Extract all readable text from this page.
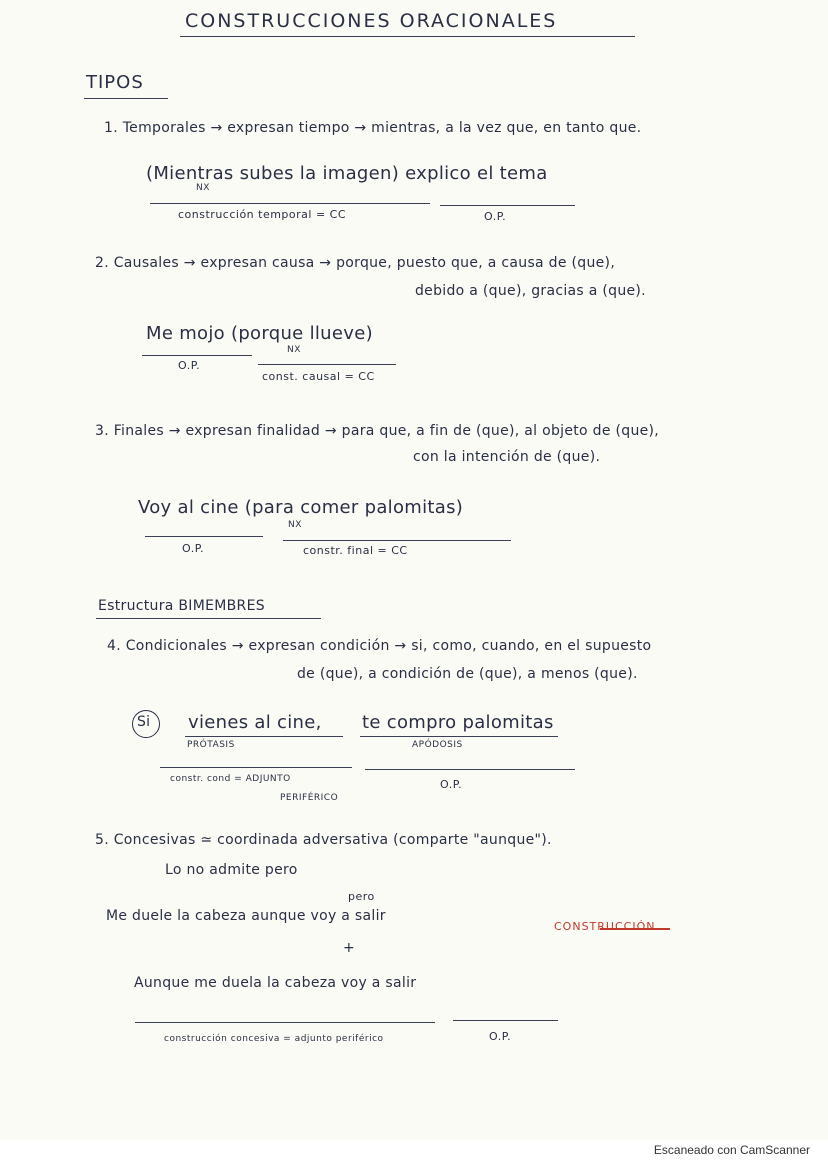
CONSTRUCCIONES ORACIONALES
TIPOS
1. Temporales → expresan tiempo → mientras, a la vez que, en tanto que.
(Mientras subes la imagen) explico el tema
NX
construcción temporal = CC	O.P.
2. Causales → expresan causa → porque, puesto que, a causa de (que),
debido a (que), gracias a (que).
Me mojo (porque llueve)
NX
O.P.
const. causal = CC
3. Finales → expresan finalidad → para que, a fin de (que), al objeto de (que),
con la intención de (que).
Voy al cine (para comer palomitas)
NX
O.P.	constr. final = CC
Estructura BIMEMBRES
4. Condicionales → expresan condición → si, como, cuando, en el supuesto
de (que), a condición de (que), a menos (que).
Si vienes al cine, te compro palomitas
PRÓTASIS	APÓDOSIS
constr. cond = ADJUNTO
PERIFÉRICO
O.P.
5. Concesivas ≃ coordinada adversativa (comparte "aunque").
Lo no admite pero
pero
Me duele la cabeza aunque voy a salir
CONSTRUCCIÓN
+
Aunque me duela la cabeza voy a salir
construcción concesiva = adjunto periférico	O.P.
Escaneado con CamScanner
